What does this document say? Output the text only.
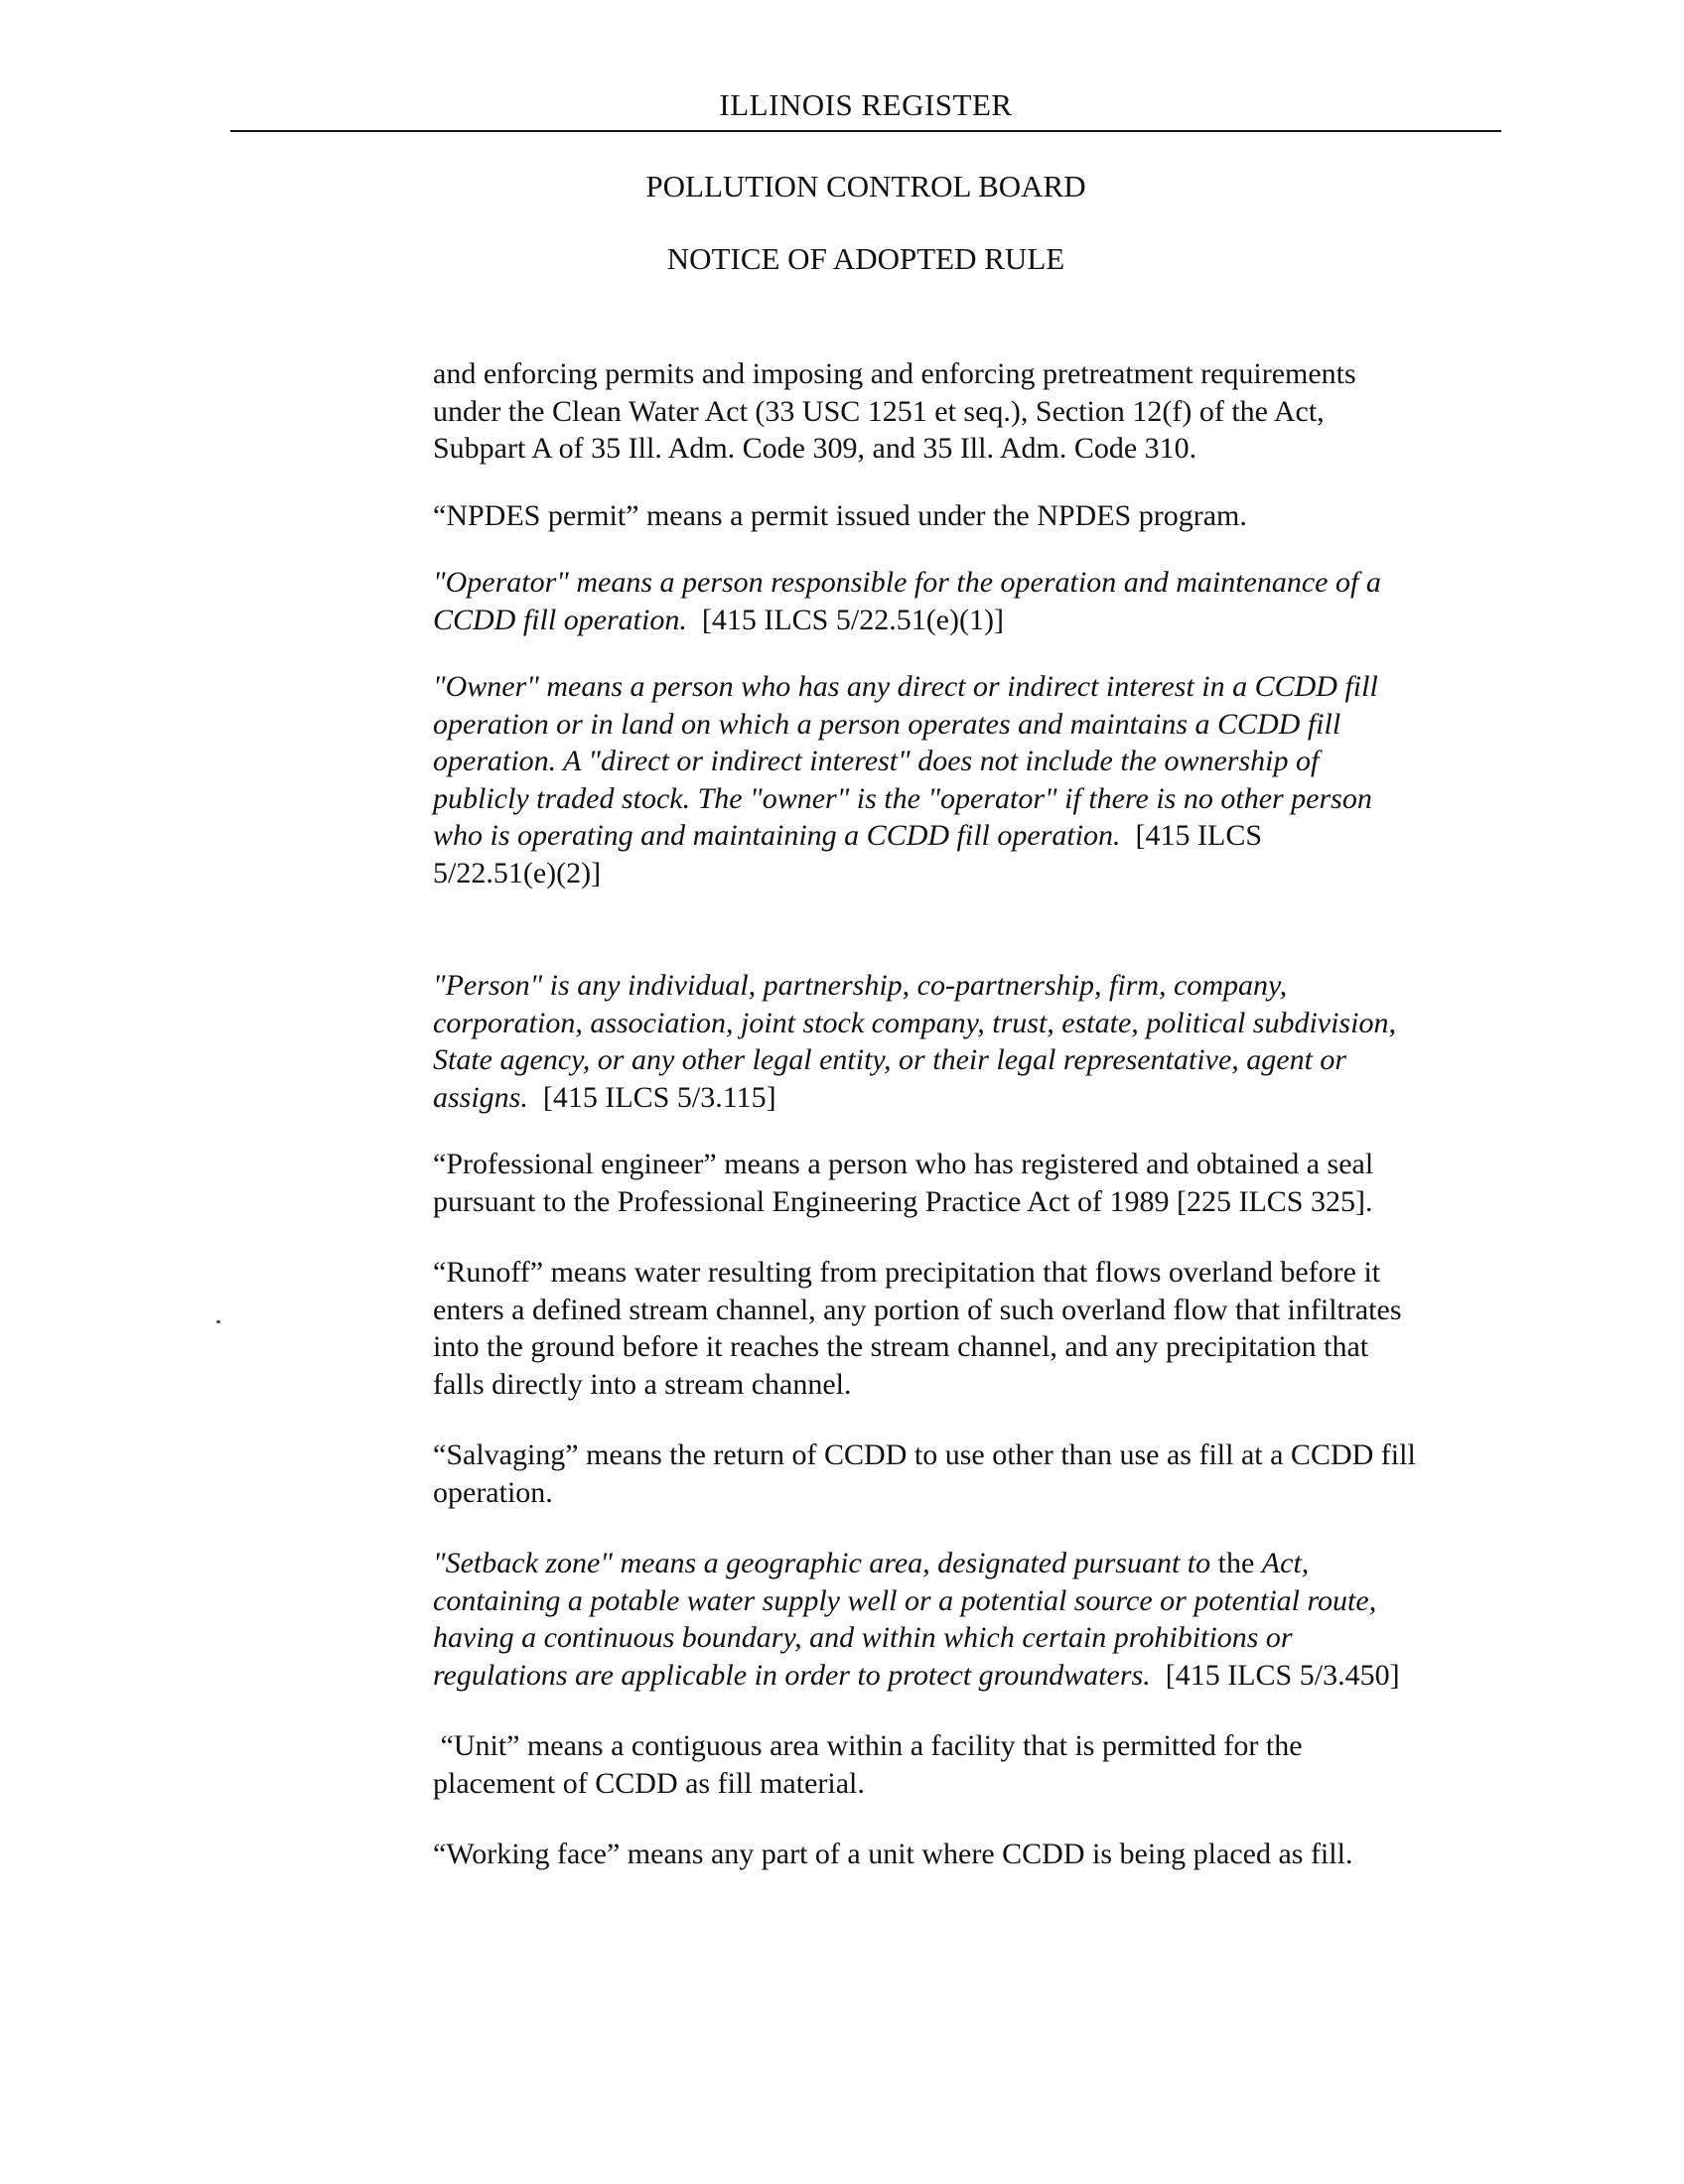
ILLINOIS REGISTER
POLLUTION CONTROL BOARD
NOTICE OF ADOPTED RULE
and enforcing permits and imposing and enforcing pretreatment requirements
under the Clean Water Act (33 USC 1251 et seq.), Section 12(f) of the Act,
Subpart A of 35 Ill. Adm. Code 309, and 35 Ill. Adm. Code 310.
“NPDES permit” means a permit issued under the NPDES program.
"Operator" means a person responsible for the operation and maintenance of a
CCDD fill operation. [415 ILCS 5/22.51(e)(1)]
"Owner" means a person who has any direct or indirect interest in a CCDD fill
operation or in land on which a person operates and maintains a CCDD fill
operation. A "direct or indirect interest" does not include the ownership of
publicly traded stock. The "owner" is the "operator" if there is no other person
who is operating and maintaining a CCDD fill operation. [415 ILCS
5/22.51(e)(2)]
"Person" is any individual, partnership, co-partnership, firm, company,
corporation, association, joint stock company, trust, estate, political subdivision,
State agency, or any other legal entity, or their legal representative, agent or
assigns. [415 ILCS 5/3.115]
“Professional engineer” means a person who has registered and obtained a seal
pursuant to the Professional Engineering Practice Act of 1989 [225 ILCS 325].
“Runoff” means water resulting from precipitation that flows overland before it
enters a defined stream channel, any portion of such overland flow that infiltrates
into the ground before it reaches the stream channel, and any precipitation that
falls directly into a stream channel.
“Salvaging” means the return of CCDD to use other than use as fill at a CCDD fill
operation.
"Setback zone" means a geographic area, designated pursuant to the Act,
containing a potable water supply well or a potential source or potential route,
having a continuous boundary, and within which certain prohibitions or
regulations are applicable in order to protect groundwaters. [415 ILCS 5/3.450]
“Unit” means a contiguous area within a facility that is permitted for the
placement of CCDD as fill material.
“Working face” means any part of a unit where CCDD is being placed as fill.
